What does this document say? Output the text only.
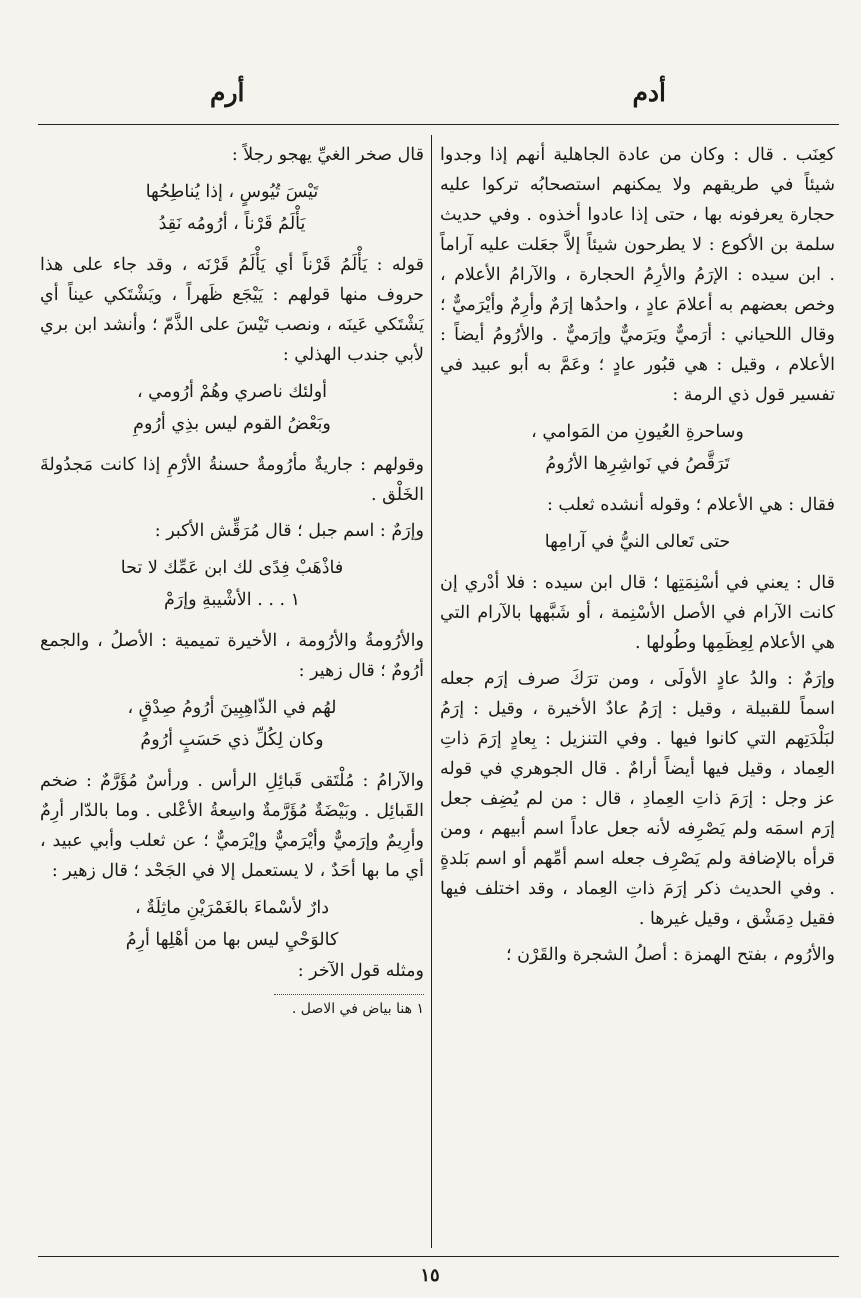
أدم
أرم

كعِنَب . قال : وكان من عادة الجاهلية أنهم إذا وجدوا شيئاً في طريقهم ولا يمكنهم استصحابُه تركوا عليه حجارة يعرفونه بها ، حتى إذا عادوا أخذوه . وفي حديث سلمة بن الأكوع : لا يطرحون شيئاً إلاَّ جعَلت عليه آراماً . ابن سيده : الإرَمُ والأرِمُ الحجارة ، والآرامُ الأعلام ، وخص بعضهم به أعلامَ عادٍ ، واحدُها إرَمٌ وأرِمٌ وأيْرَميٌّ ؛ وقال اللحياني : أرَميٌّ ويَرَميٌّ وإرَميٌّ . والأرُومُ أيضاً : الأعلام ، وقيل : هي قبُور عادٍ ؛ وعَمَّ به أبو عبيد في تفسير قول ذي الرمة :

وساحرةِ العُيونِ من المَوامي ،

تَرَقَّصُ في نَواشِرِها الأرُومُ

فقال : هي الأعلام ؛ وقوله أنشده ثعلب :

حتى تَعالى النيُّ في آرامِها

قال : يعني في أسْنِمَتِها ؛ قال ابن سيده : فلا أدْري إن كانت الآرام في الأصل الأسْنِمة ، أو شَبَّهها بالآرام التي هي الأعلام لِعِظَمِها وطُولها .

وإرَمٌ : والدُ عادٍ الأولَى ، ومن ترَكَ صرف إرَم جعله اسماً للقبيلة ، وقيل : إرَمُ عادٌ الأخيرة ، وقيل : إرَمُ لبَلْدَتِهم التي كانوا فيها . وفي التنزيل : بِعادٍ إرَمَ ذاتِ العِماد ، وقيل فيها أيضاً أرامٌ . قال الجوهري في قوله عز وجل : إرَمَ ذاتِ العِمادِ ، قال : من لم يُضِف جعل إرَم اسمَه ولم يَصْرِفه لأنه جعل عاداً اسم أبيهم ، ومن قرأه بالإضافة ولم يَصْرِف جعله اسم أمِّهم أو اسم بَلدةٍ . وفي الحديث ذكر إرَمَ ذاتِ العِماد ، وقد اختلف فيها فقيل دِمَشْق ، وقيل غيرها .

والأرُوم ، بفتح الهمزة : أصلُ الشجرة والقَرْن ؛

قال صخر الغيِّ يهجو رجلاً :

تَيْسَ تُيُوسٍ ، إذا يُناطِحُها

يَأْلَمُ قَرْناً ، أرُومُه نَقِدُ

قوله : يَأْلَمُ قَرْناً أي يَأْلَمُ قَرْنَه ، وقد جاء على هذا حروف منها قولهم : يَيْجَع ظَهراً ، ويَشْتَكي عيناً أي يَشْتَكي عَينَه ، ونصب تَيْسَ على الذَّمّ ؛ وأنشد ابن بري لأبي جندب الهذلي :

أولئك ناصري وهُمْ أرُومي ،

وبَعْضُ القوم ليس بذِي أرُومِ

وقولهم : جاريةٌ مأرُومةٌ حسنةُ الأرْمِ إذا كانت مَجدُولةَ الخَلْق .

وإرَمٌ : اسم جبل ؛ قال مُرَقِّش الأكبر :

فاذْهَبْ فِدًى لك ابن عَمِّك لا تحا

١ . . . الأشْيبةِ وإرَمْ

والأرُومةُ والأرُومة ، الأخيرة تميمية : الأصلُ ، والجمع أرُومٌ ؛ قال زهير :

لهُم في الذّاهِبِينَ أرُومُ صِدْقٍ ،

وكان لِكُلِّ ذي حَسَبٍ أرُومُ

والآرامُ : مُلْتَقى قَبائِلِ الرأس . ورأسٌ مُؤَرَّمٌ : ضخم القَبائِل . وبَيْضَةٌ مُؤَرَّمةٌ واسِعةُ الأعْلى . وما بالدّار أرِمٌ وأرِيمٌ وإرَميٌّ وأيْرَميٌّ وإيْرَميٌّ ؛ عن ثعلب وأبي عبيد ، أي ما بها أحَدٌ ، لا يستعمل إلا في الجَحْد ؛ قال زهير :

دارٌ لأسْماءَ بالغَمْرَيْنِ ماثِلَةٌ ،

كالوَحْيِ ليس بها من أهْلِها أرِمُ

ومثله قول الآخر :

١ هنا بياض في الاصل .

١٥
